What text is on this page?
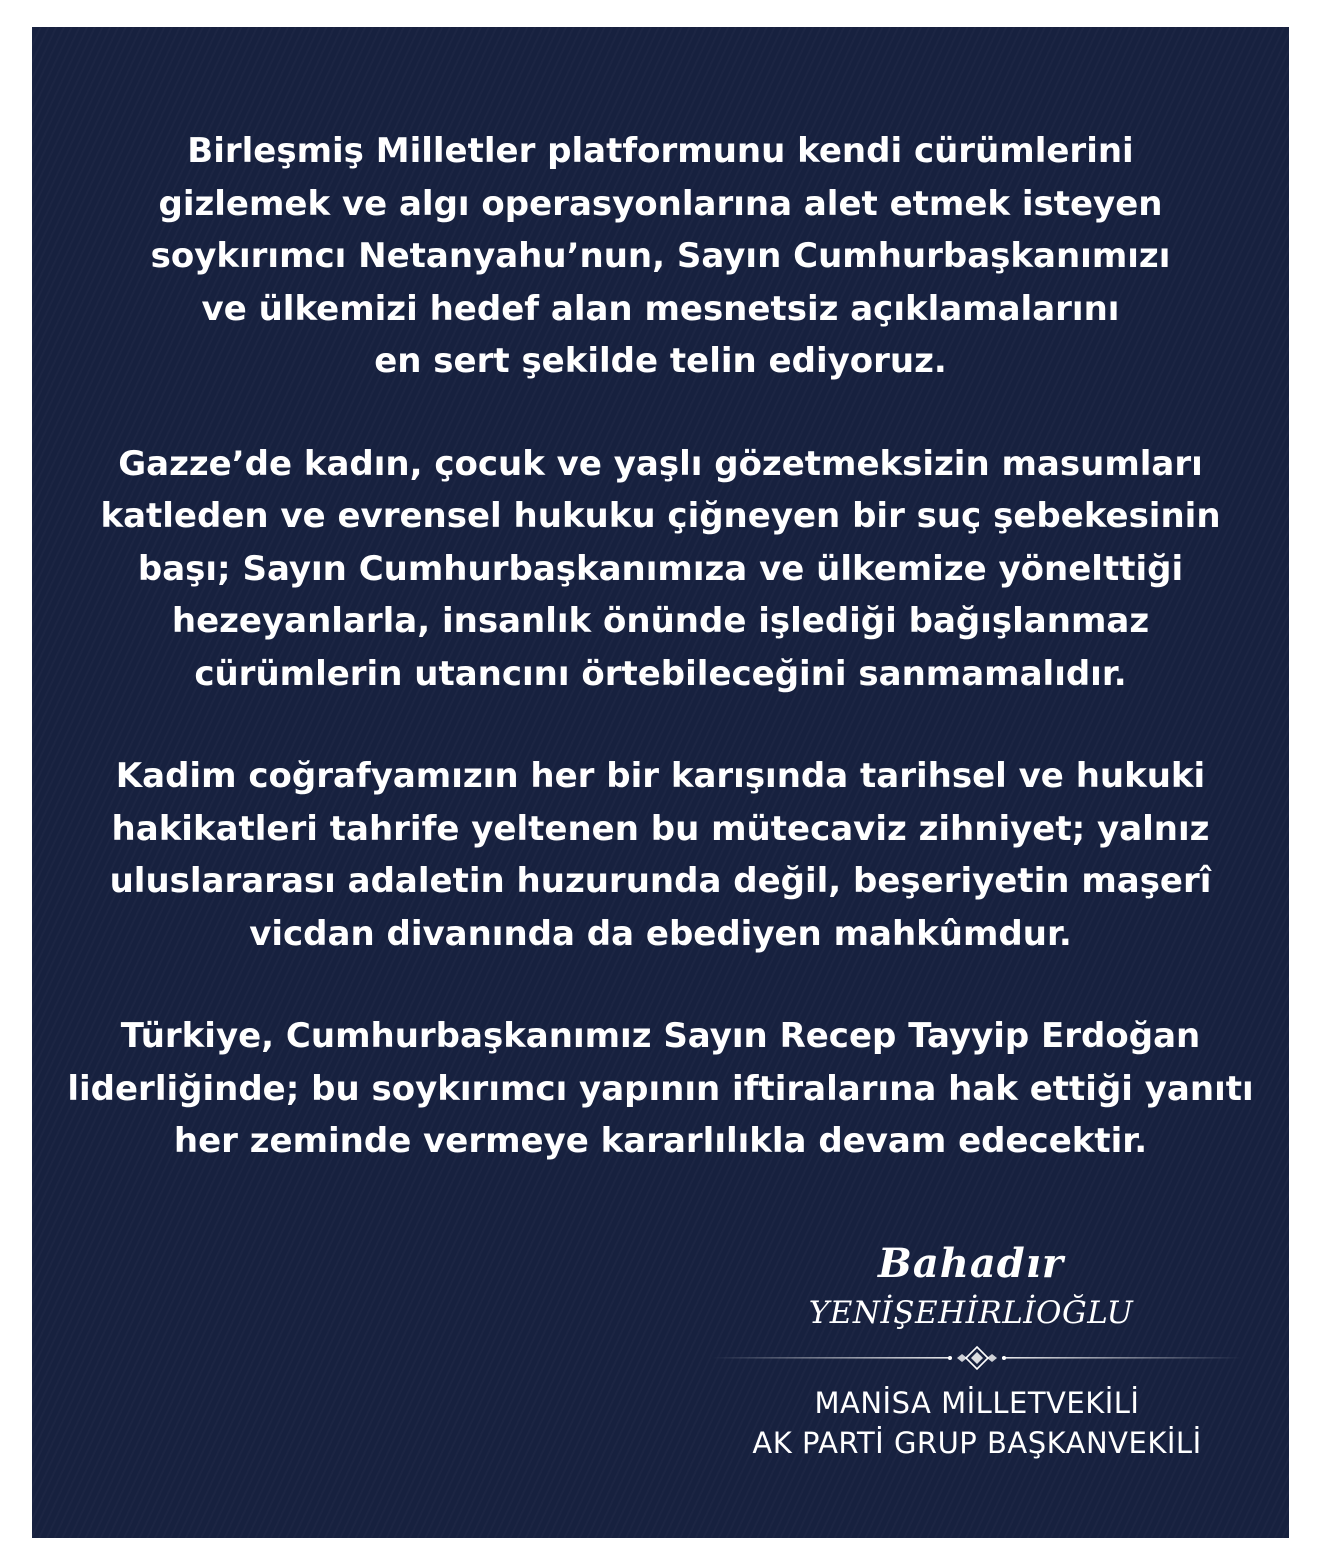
Birleşmiş Milletler platformunu kendi cürümlerini
gizlemek ve algı operasyonlarına alet etmek isteyen
soykırımcı Netanyahu’nun, Sayın Cumhurbaşkanımızı
ve ülkemizi hedef alan mesnetsiz açıklamalarını
en sert şekilde telin ediyoruz.

Gazze’de kadın, çocuk ve yaşlı gözetmeksizin masumları
katleden ve evrensel hukuku çiğneyen bir suç şebekesinin
başı; Sayın Cumhurbaşkanımıza ve ülkemize yönelttiği
hezeyanlarla, insanlık önünde işlediği bağışlanmaz
cürümlerin utancını örtebileceğini sanmamalıdır.

Kadim coğrafyamızın her bir karışında tarihsel ve hukuki
hakikatleri tahrife yeltenen bu mütecaviz zihniyet; yalnız
uluslararası adaletin huzurunda değil, beşeriyetin maşerî
vicdan divanında da ebediyen mahkûmdur.

Türkiye, Cumhurbaşkanımız Sayın Recep Tayyip Erdoğan
liderliğinde; bu soykırımcı yapının iftiralarına hak ettiği yanıtı
her zeminde vermeye kararlılıkla devam edecektir.

Bahadır
YENİŞEHİRLİOĞLU
MANİSA MİLLETVEKİLİ
AK PARTİ GRUP BAŞKANVEKİLİ
